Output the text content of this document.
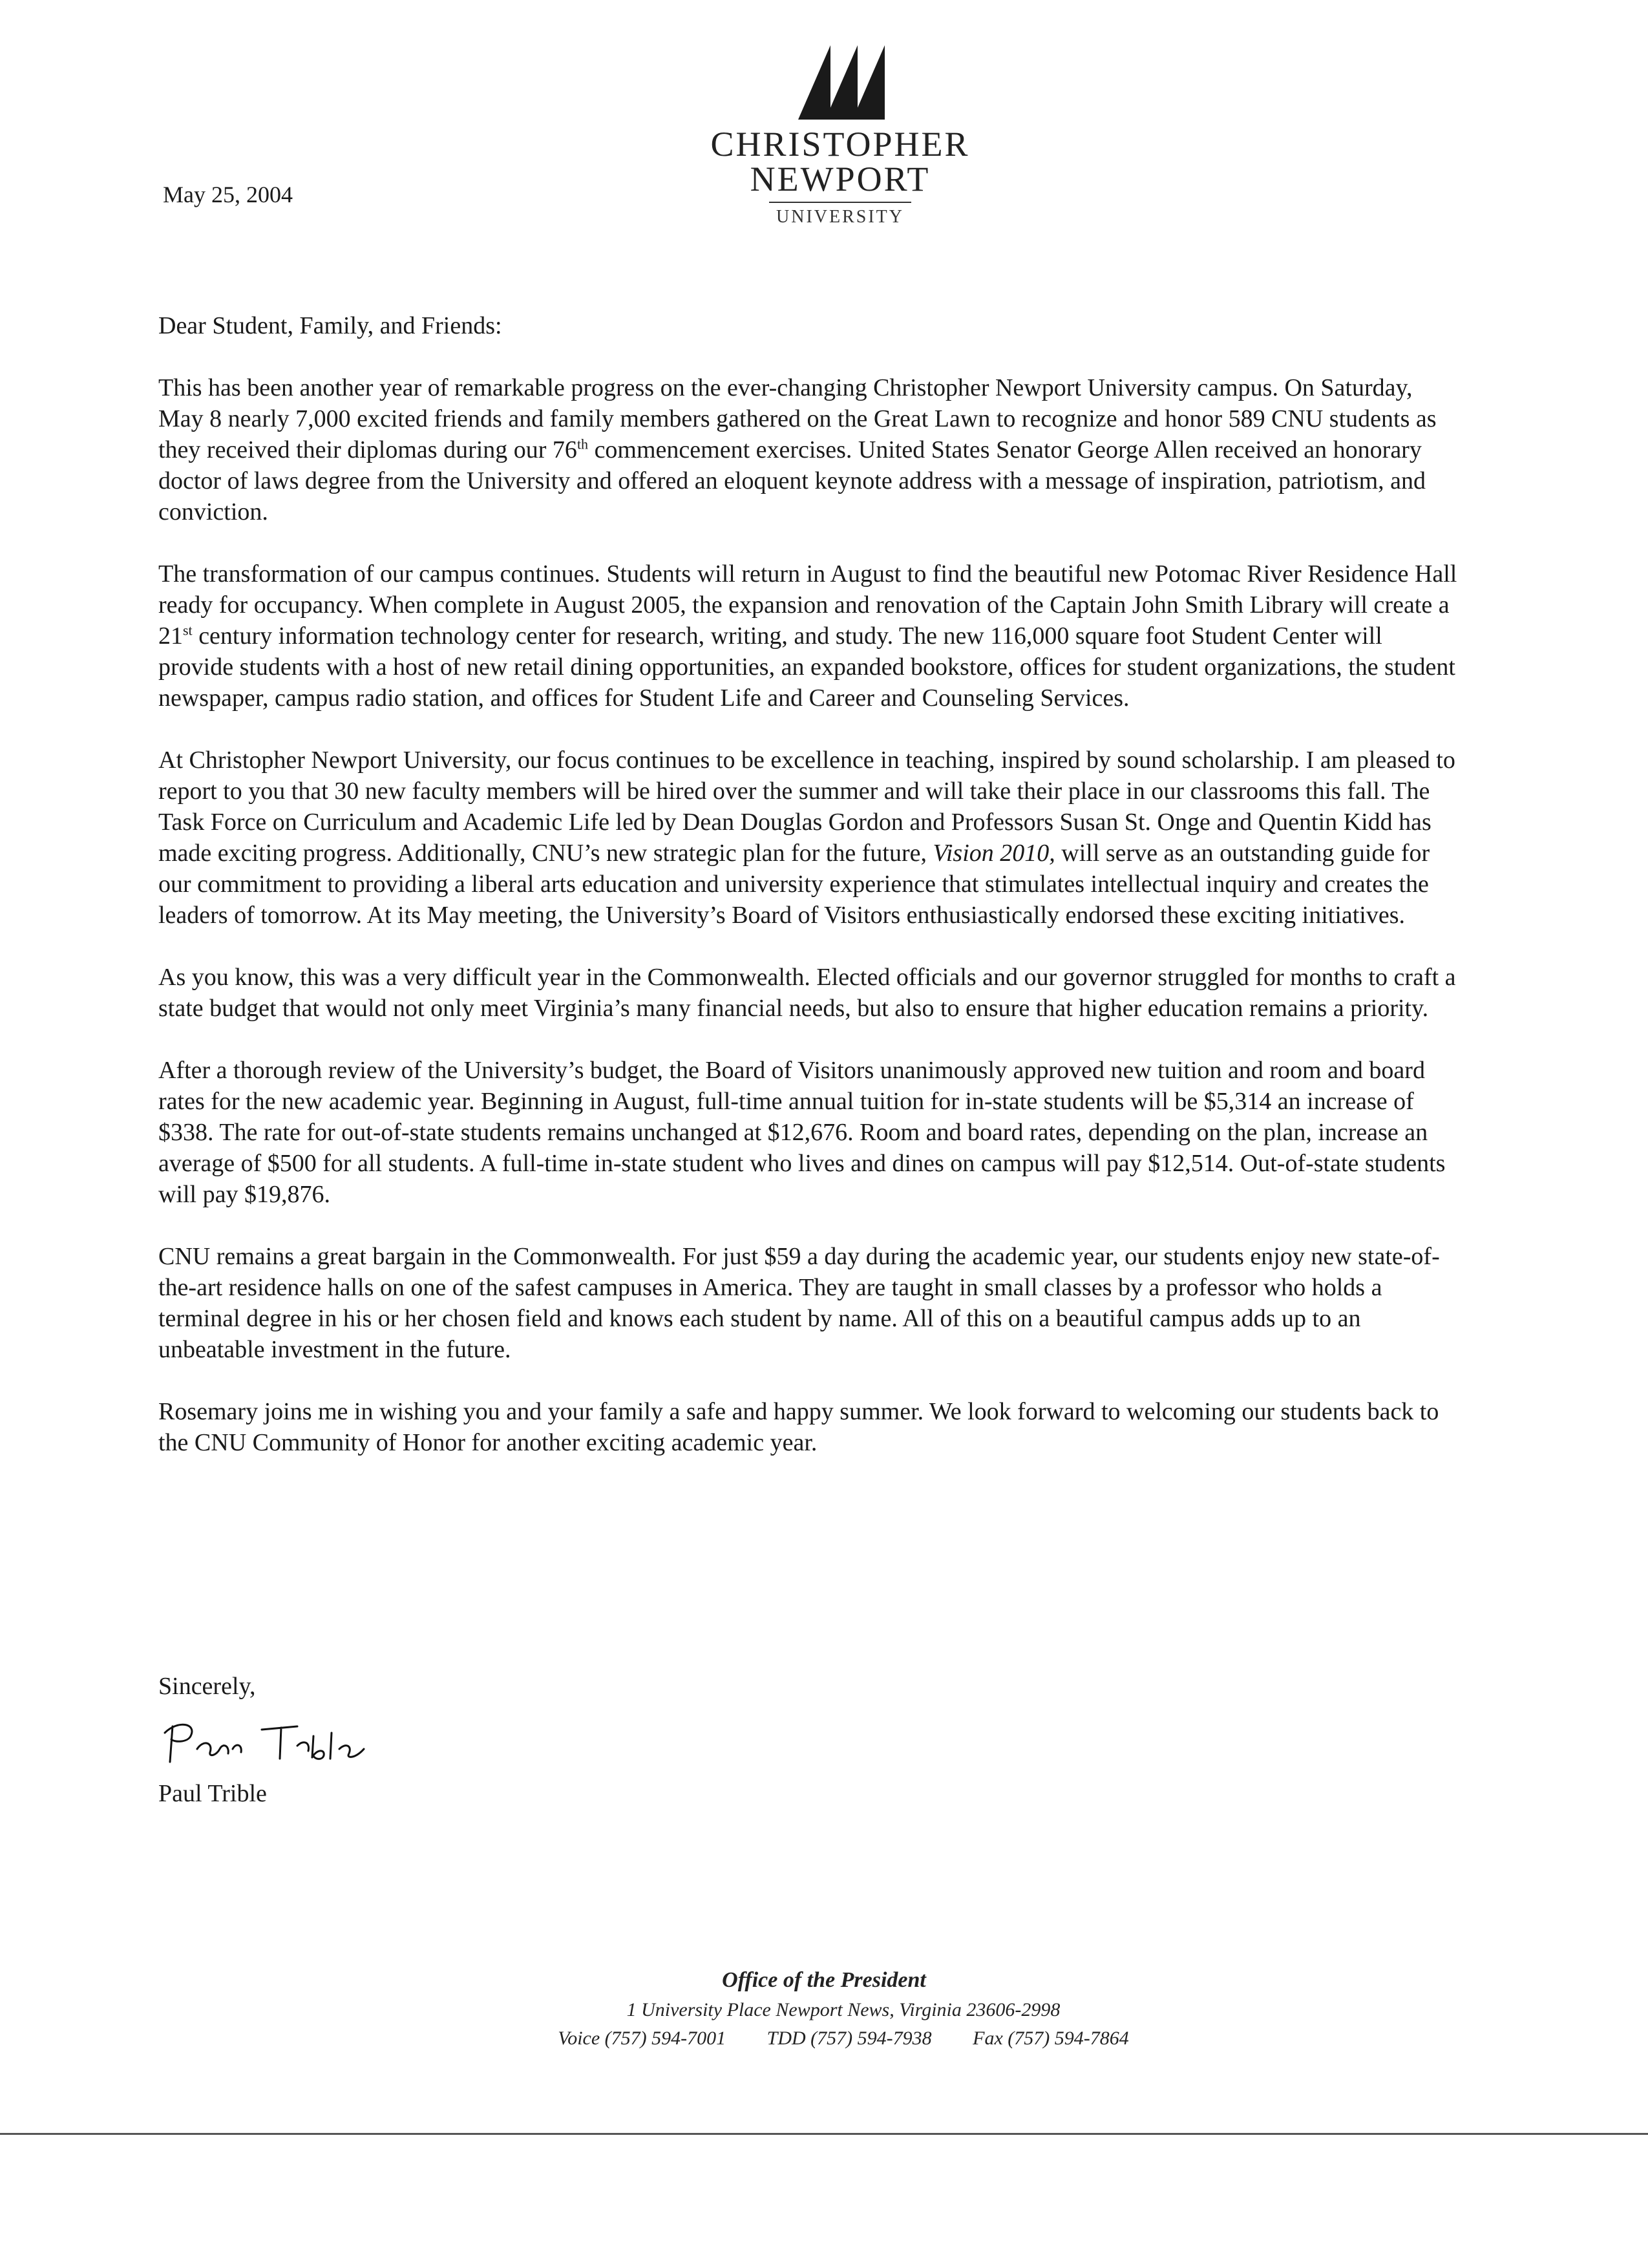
CHRISTOPHER NEWPORT
UNIVERSITY
May 25, 2004

Dear Student, Family, and Friends:

This has been another year of remarkable progress on the ever-changing Christopher Newport University campus. On Saturday, May 8 nearly 7,000 excited friends and family members gathered on the Great Lawn to recognize and honor 589 CNU students as they received their diplomas during our 76th commencement exercises. United States Senator George Allen received an honorary doctor of laws degree from the University and offered an eloquent keynote address with a message of inspiration, patriotism, and conviction.

The transformation of our campus continues. Students will return in August to find the beautiful new Potomac River Residence Hall ready for occupancy. When complete in August 2005, the expansion and renovation of the Captain John Smith Library will create a 21st century information technology center for research, writing, and study. The new 116,000 square foot Student Center will provide students with a host of new retail dining opportunities, an expanded bookstore, offices for student organizations, the student newspaper, campus radio station, and offices for Student Life and Career and Counseling Services.

At Christopher Newport University, our focus continues to be excellence in teaching, inspired by sound scholarship. I am pleased to report to you that 30 new faculty members will be hired over the summer and will take their place in our classrooms this fall. The Task Force on Curriculum and Academic Life led by Dean Douglas Gordon and Professors Susan St. Onge and Quentin Kidd has made exciting progress. Additionally, CNU’s new strategic plan for the future, Vision 2010, will serve as an outstanding guide for our commitment to providing a liberal arts education and university experience that stimulates intellectual inquiry and creates the leaders of tomorrow. At its May meeting, the University’s Board of Visitors enthusiastically endorsed these exciting initiatives.

As you know, this was a very difficult year in the Commonwealth. Elected officials and our governor struggled for months to craft a state budget that would not only meet Virginia’s many financial needs, but also to ensure that higher education remains a priority.

After a thorough review of the University’s budget, the Board of Visitors unanimously approved new tuition and room and board rates for the new academic year. Beginning in August, full-time annual tuition for in-state students will be $5,314 an increase of $338. The rate for out-of-state students remains unchanged at $12,676. Room and board rates, depending on the plan, increase an average of $500 for all students. A full-time in-state student who lives and dines on campus will pay $12,514. Out-of-state students will pay $19,876.

CNU remains a great bargain in the Commonwealth. For just $59 a day during the academic year, our students enjoy new state-of-the-art residence halls on one of the safest campuses in America. They are taught in small classes by a professor who holds a terminal degree in his or her chosen field and knows each student by name. All of this on a beautiful campus adds up to an unbeatable investment in the future.

Rosemary joins me in wishing you and your family a safe and happy summer. We look forward to welcoming our students back to the CNU Community of Honor for another exciting academic year.

Sincerely,
Paul Trible
Office of the President
1 University Place Newport News, Virginia 23606-2998
Voice (757) 594-7001 TDD (757) 594-7938 Fax (757) 594-7864
